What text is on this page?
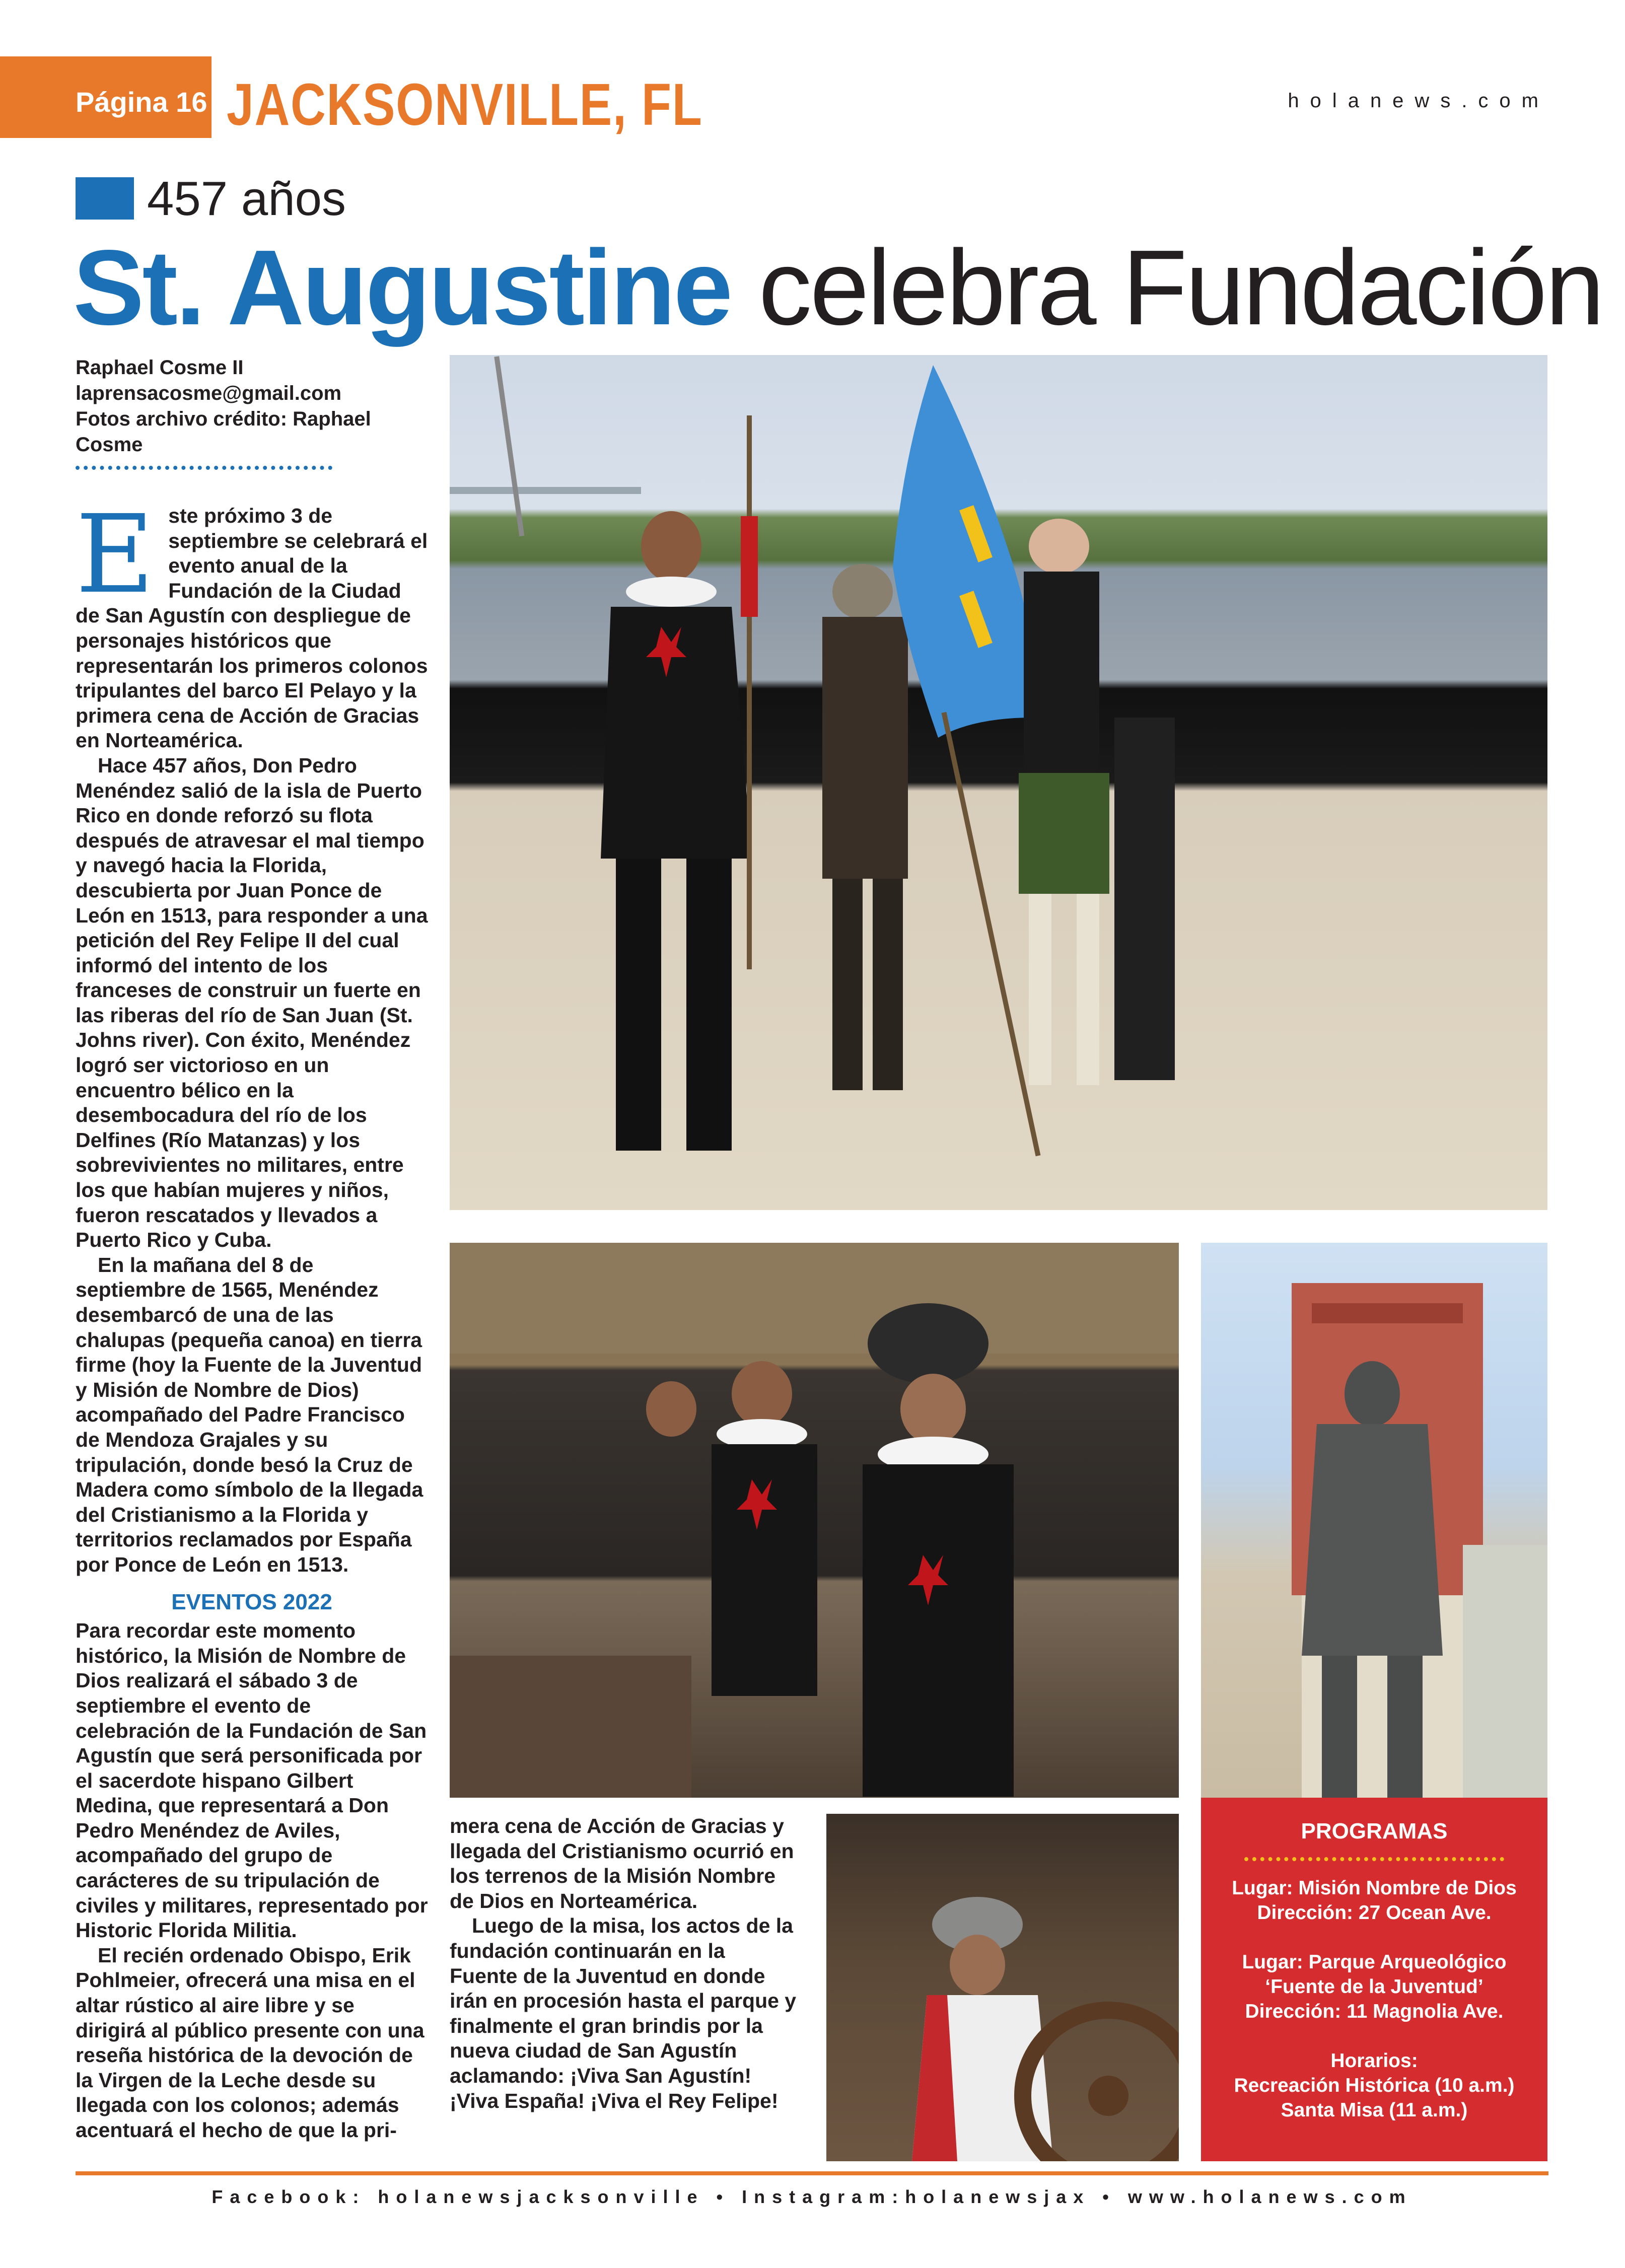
Página 16 JACKSONVILLE, FL	holanews.com
457 años
St. Augustine celebra Fundación
Raphael Cosme II
laprensacosme@gmail.com
Fotos archivo crédito: Raphael Cosme
E ste próximo 3 de septiembre se celebrará el evento anual de la Fundación de la Ciudad de San Agustín con despliegue de personajes históricos que representarán los primeros colonos tripulantes del barco El Pelayo y la primera cena de Acción de Gracias en Norteamérica.

Hace 457 años, Don Pedro Menéndez salió de la isla de Puerto Rico en donde reforzó su flota después de atravesar el mal tiempo y navegó hacia la Florida, descubierta por Juan Ponce de León en 1513, para responder a una petición del Rey Felipe II del cual informó del intento de los franceses de construir un fuerte en las riberas del río de San Juan (St. Johns river). Con éxito, Menéndez logró ser victorioso en un encuentro bélico en la desembocadura del río de los Delfines (Río Matanzas) y los sobrevivientes no militares, entre los que habían mujeres y niños, fueron rescatados y llevados a Puerto Rico y Cuba.

En la mañana del 8 de septiembre de 1565, Menéndez desembarcó de una de las chalupas (pequeña canoa) en tierra firme (hoy la Fuente de la Juventud y Misión de Nombre de Dios) acompañado del Padre Francisco de Mendoza Grajales y su tripulación, donde besó la Cruz de Madera como símbolo de la llegada del Cristianismo a la Florida y territorios reclamados por España por Ponce de León en 1513.

EVENTOS 2022

Para recordar este momento histórico, la Misión de Nombre de Dios realizará el sábado 3 de septiembre el evento de celebración de la Fundación de San Agustín que será personificada por el sacerdote hispano Gilbert Medina, que representará a Don Pedro Menéndez de Aviles, acompañado del grupo de carácteres de su tripulación de civiles y militares, representado por Historic Florida Militia.

El recién ordenado Obispo, Erik Pohlmeier, ofrecerá una misa en el altar rústico al aire libre y se dirigirá al público presente con una reseña histórica de la devoción de la Virgen de la Leche desde su llegada con los colonos; además acentuará el hecho de que la pri-

mera cena de Acción de Gracias y llegada del Cristianismo ocurrió en los terrenos de la Misión Nombre de Dios en Norteamérica.

Luego de la misa, los actos de la fundación continuarán en la Fuente de la Juventud en donde irán en procesión hasta el parque y finalmente el gran brindis por la nueva ciudad de San Agustín aclamando: ¡Viva San Agustín! ¡Viva España! ¡Viva el Rey Felipe!

PROGRAMAS

Lugar: Misión Nombre de Dios

Dirección: 27 Ocean Ave.

Lugar: Parque Arqueológico

‘Fuente de la Juventud’

Dirección: 11 Magnolia Ave.

Horarios:

Recreación Histórica (10 a.m.)

Santa Misa (11 a.m.)

Facebook: holanewsjacksonville • Instagram:holanewsjax • www.holanews.com
